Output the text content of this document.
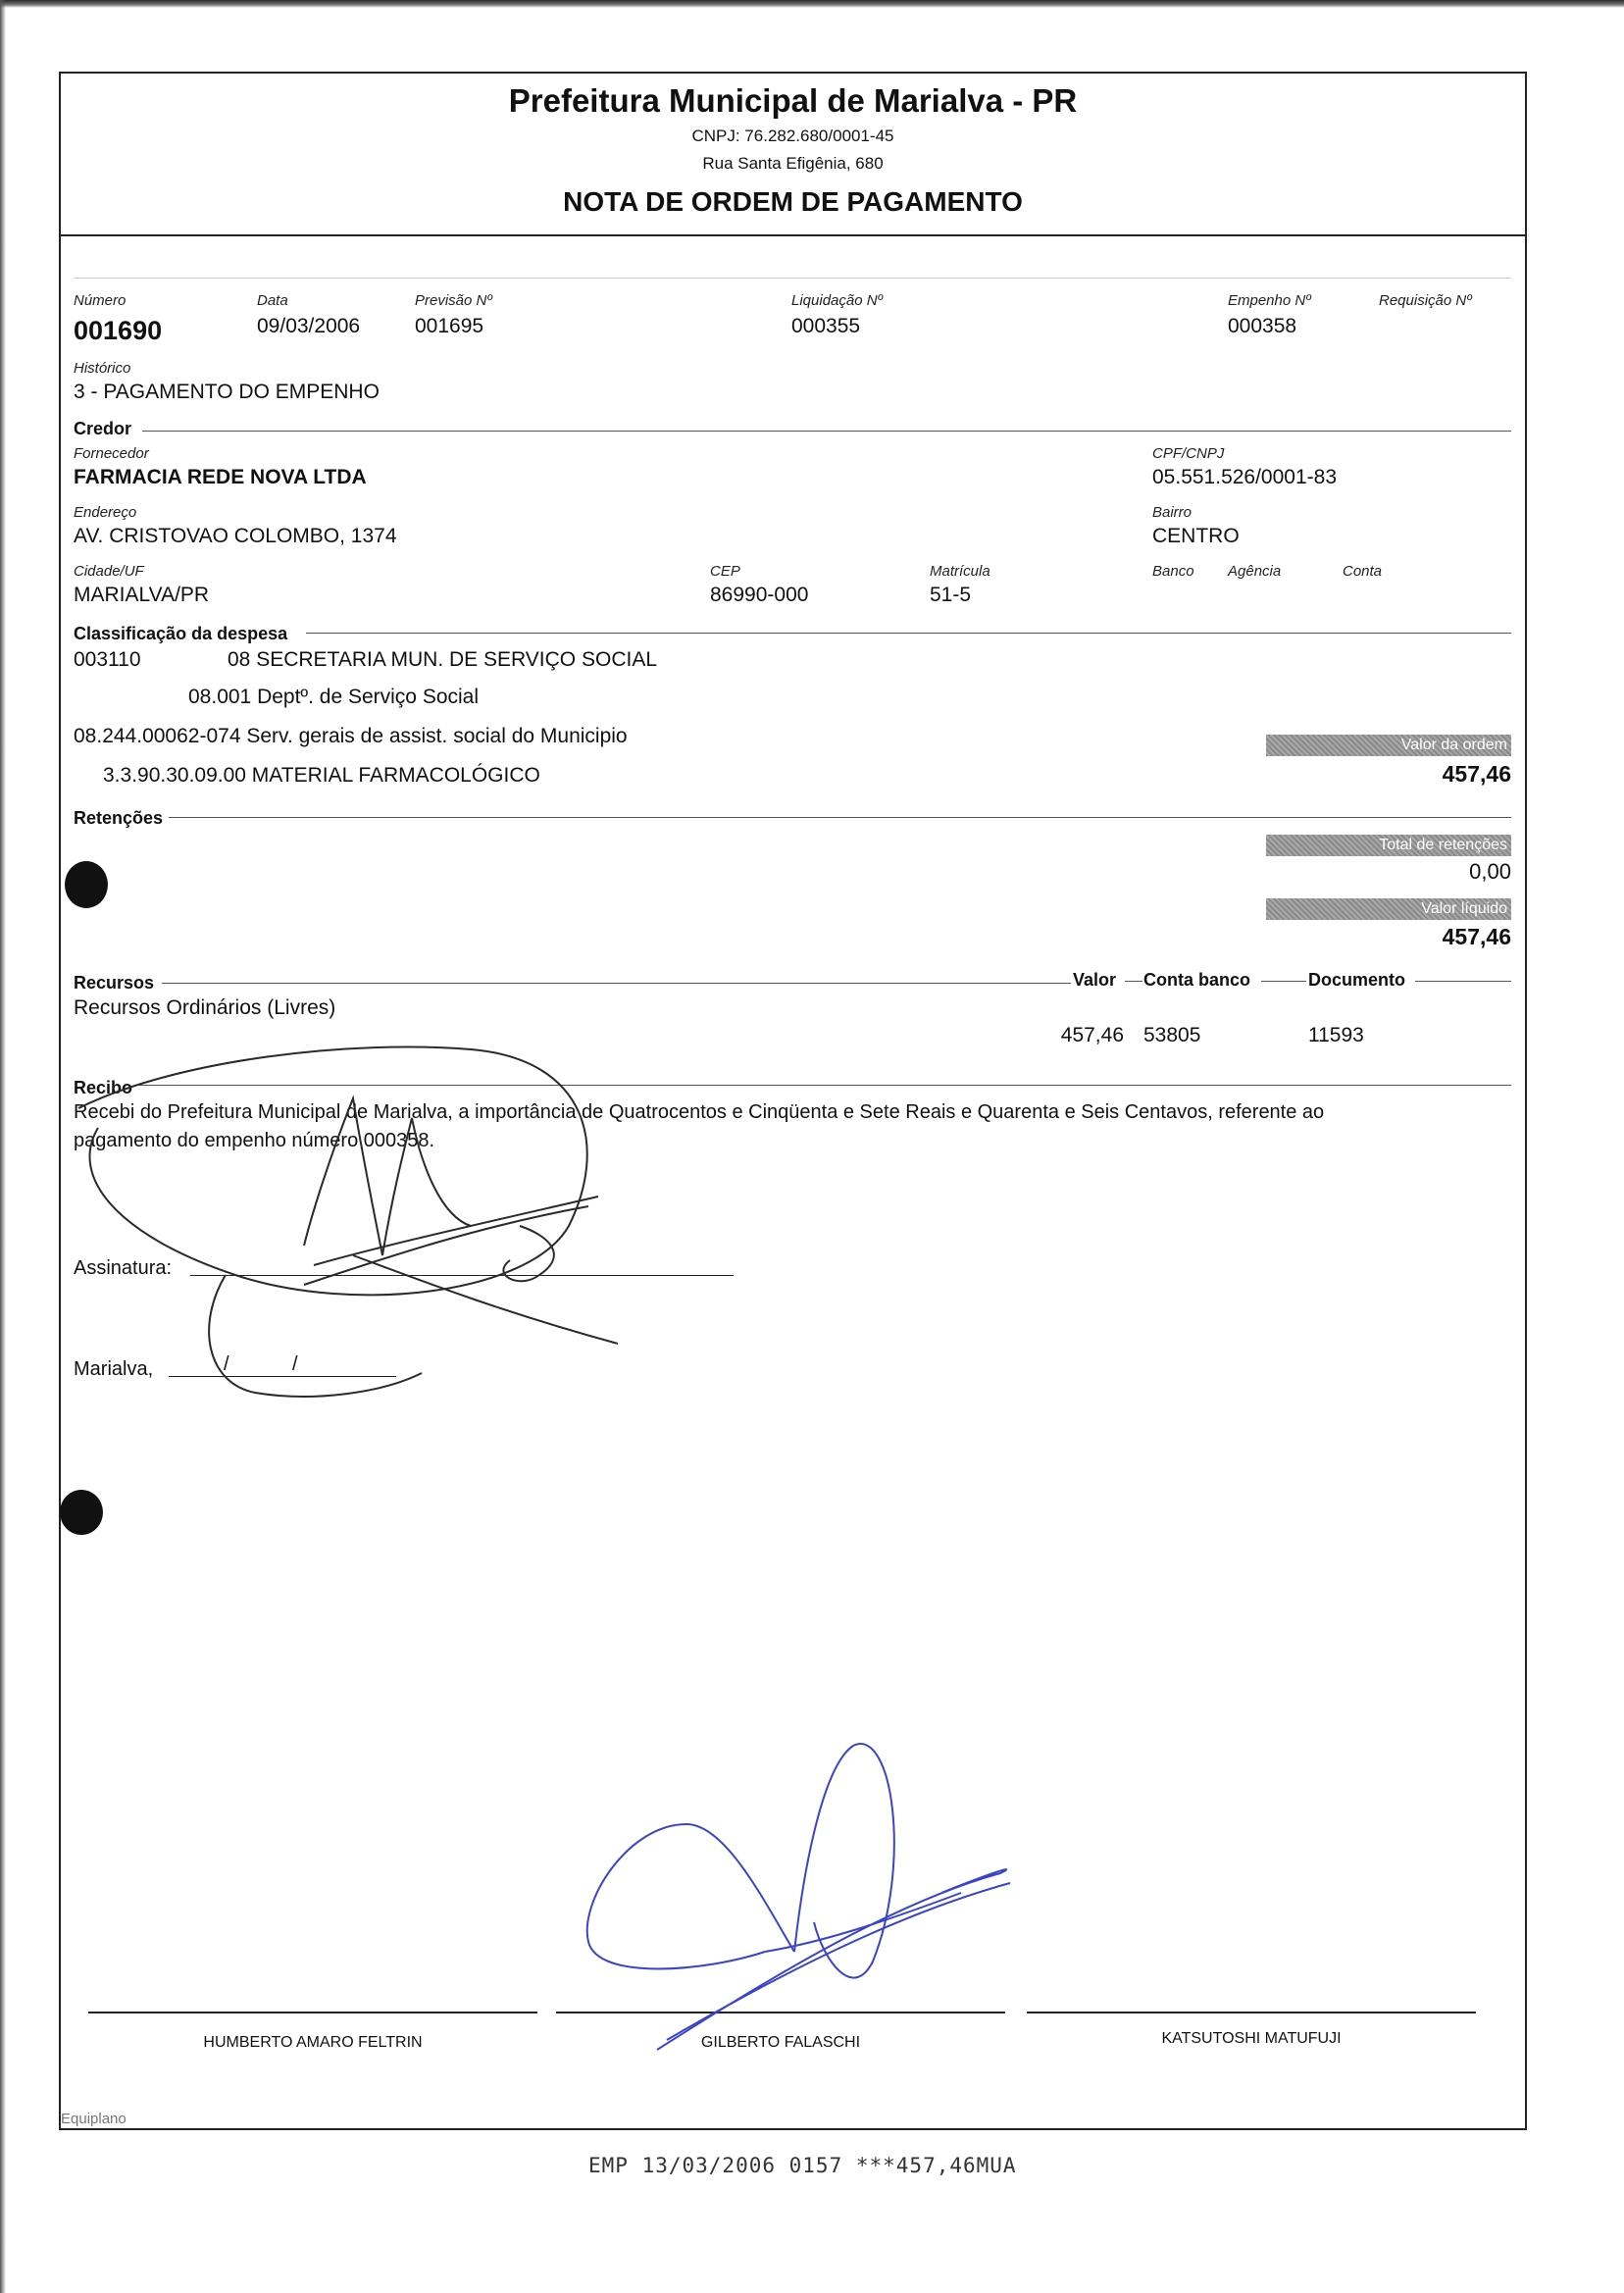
Prefeitura Municipal de Marialva - PR
CNPJ: 76.282.680/0001-45
Rua Santa Efigênia, 680
NOTA DE ORDEM DE PAGAMENTO
Número
001690
Data
09/03/2006
Previsão Nº
001695
Liquidação Nº
000355
Empenho Nº
000358
Requisição Nº
Histórico
3 - PAGAMENTO DO EMPENHO
Credor
Fornecedor
FARMACIA REDE NOVA LTDA
CPF/CNPJ
05.551.526/0001-83
Endereço
AV. CRISTOVAO COLOMBO, 1374
Bairro
CENTRO
Cidade/UF
MARIALVA/PR
CEP
86990-000
Matrícula
51-5
Banco Agência	Conta
Classificação da despesa
003110	08 SECRETARIA MUN. DE SERVIÇO SOCIAL
08.001 Deptº. de Serviço Social
08.244.00062-074 Serv. gerais de assist. social do Municipio
3.3.90.30.09.00 MATERIAL FARMACOLÓGICO
Valor da ordem
457,46
Retenções
Total de retenções
0,00
Valor líquido
457,46
Recursos	Valor Conta banco	Documento
Recursos Ordinários (Livres)
457,46 53805	11593
Recibo
Recebi do Prefeitura Municipal de Marialva, a importância de Quatrocentos e Cinqüenta e Sete Reais e Quarenta e Seis Centavos, referente ao
pagamento do empenho número 000358.
Assinatura:
Marialva,	/	/
HUMBERTO AMARO FELTRIN	GILBERTO FALASCHI	KATSUTOSHI MATUFUJI
Equiplano
EMP 13/03/2006 0157 ***457,46MUA
